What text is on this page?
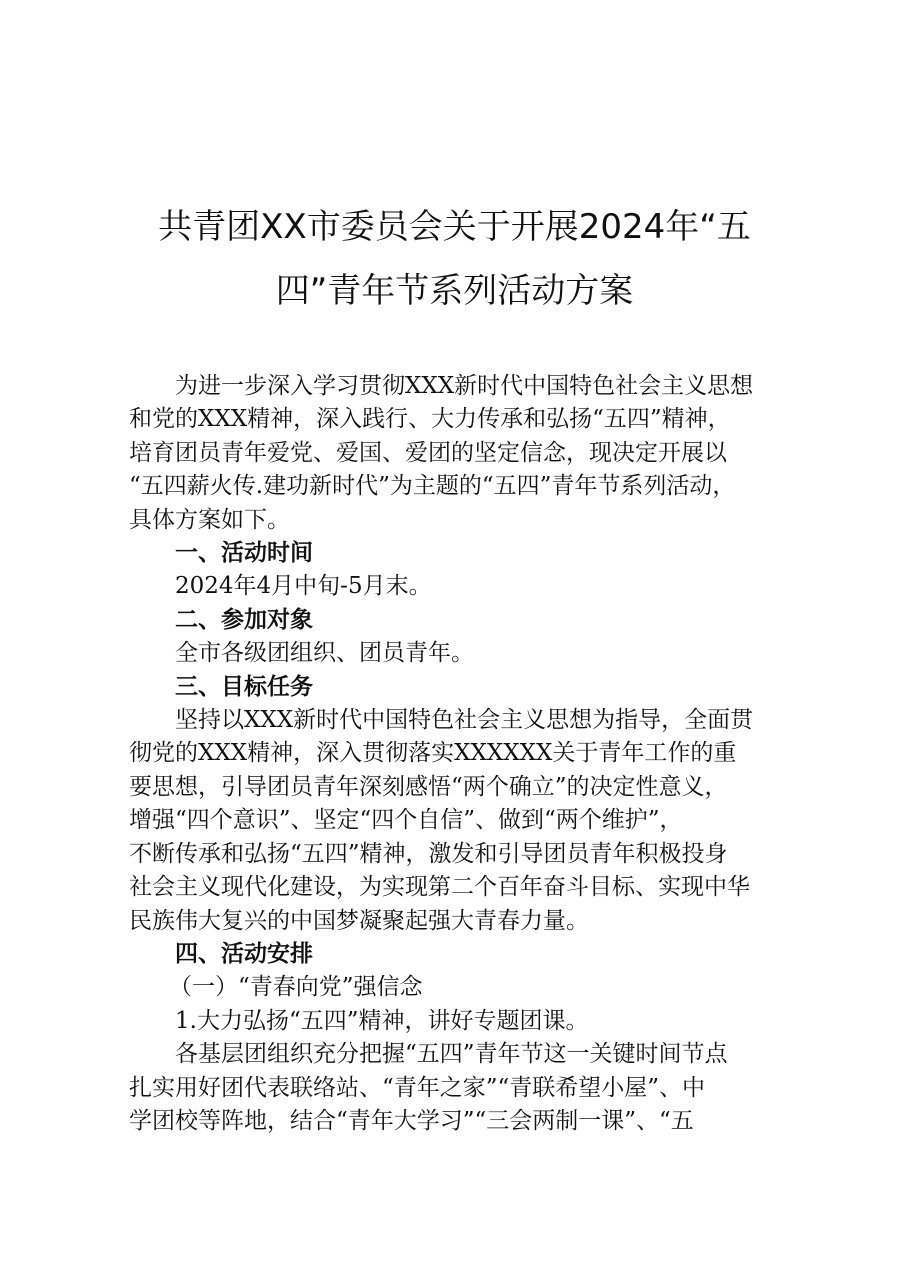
共青团XX市委员会关于开展2024年“五
四”青年节系列活动方案

为进一步深入学习贯彻XXX新时代中国特色社会主义思想

和党的XXX精神，深入践行、大力传承和弘扬“五四”精神，

培育团员青年爱党、爱国、爱团的坚定信念，现决定开展以

“五四薪火传.建功新时代”为主题的“五四”青年节系列活动，

具体方案如下。

一、活动时间

2024年4月中旬-5月末。

二、参加对象

全市各级团组织、团员青年。

三、目标任务

坚持以XXX新时代中国特色社会主义思想为指导，全面贯

彻党的XXX精神，深入贯彻落实XXXXXX关于青年工作的重

要思想，引导团员青年深刻感悟“两个确立”的决定性意义，

增强“四个意识”、坚定“四个自信”、做到“两个维护”，

不断传承和弘扬“五四”精神，激发和引导团员青年积极投身

社会主义现代化建设，为实现第二个百年奋斗目标、实现中华

民族伟大复兴的中国梦凝聚起强大青春力量。

四、活动安排

（一）“青春向党”强信念

1.大力弘扬“五四”精神，讲好专题团课。

各基层团组织充分把握“五四”青年节这一关键时间节点

扎实用好团代表联络站、“青年之家”“青联希望小屋”、中

学团校等阵地，结合“青年大学习”“三会两制一课”、“五
